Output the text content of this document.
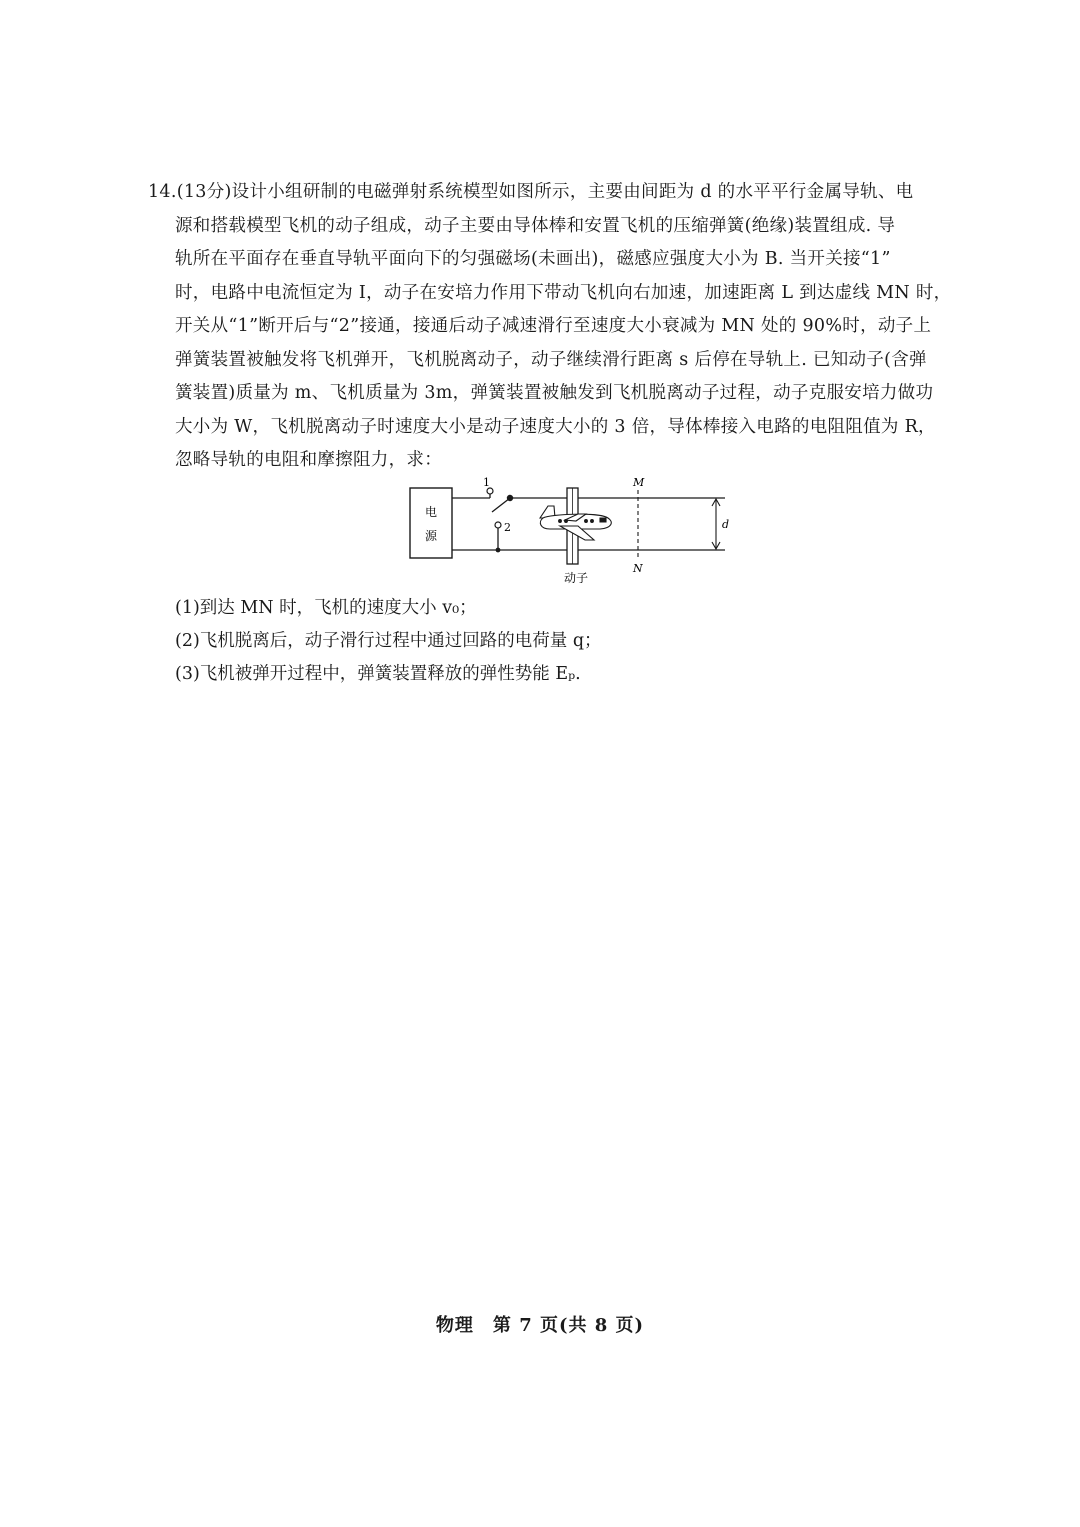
14.(13分)设计小组研制的电磁弹射系统模型如图所示，主要由间距为 d 的水平平行金属导轨、电
源和搭载模型飞机的动子组成，动子主要由导体棒和安置飞机的压缩弹簧(绝缘)装置组成. 导
轨所在平面存在垂直导轨平面向下的匀强磁场(未画出)，磁感应强度大小为 B. 当开关接“1”
时，电路中电流恒定为 I，动子在安培力作用下带动飞机向右加速，加速距离 L 到达虚线 MN 时，
开关从“1”断开后与“2”接通，接通后动子减速滑行至速度大小衰减为 MN 处的 90%时，动子上
弹簧装置被触发将飞机弹开，飞机脱离动子，动子继续滑行距离 s 后停在导轨上. 已知动子(含弹
簧装置)质量为 m、飞机质量为 3m，弹簧装置被触发到飞机脱离动子过程，动子克服安培力做功
大小为 W，飞机脱离动子时速度大小是动子速度大小的 3 倍，导体棒接入电路的电阻阻值为 R，
忽略导轨的电阻和摩擦阻力，求：
电
源
1
2
M
N
d
动子
(1)到达 MN 时，飞机的速度大小 v₀；
(2)飞机脱离后，动子滑行过程中通过回路的电荷量 q；
(3)飞机被弹开过程中，弹簧装置释放的弹性势能 Eₚ.
物理　第 7 页(共 8 页)
